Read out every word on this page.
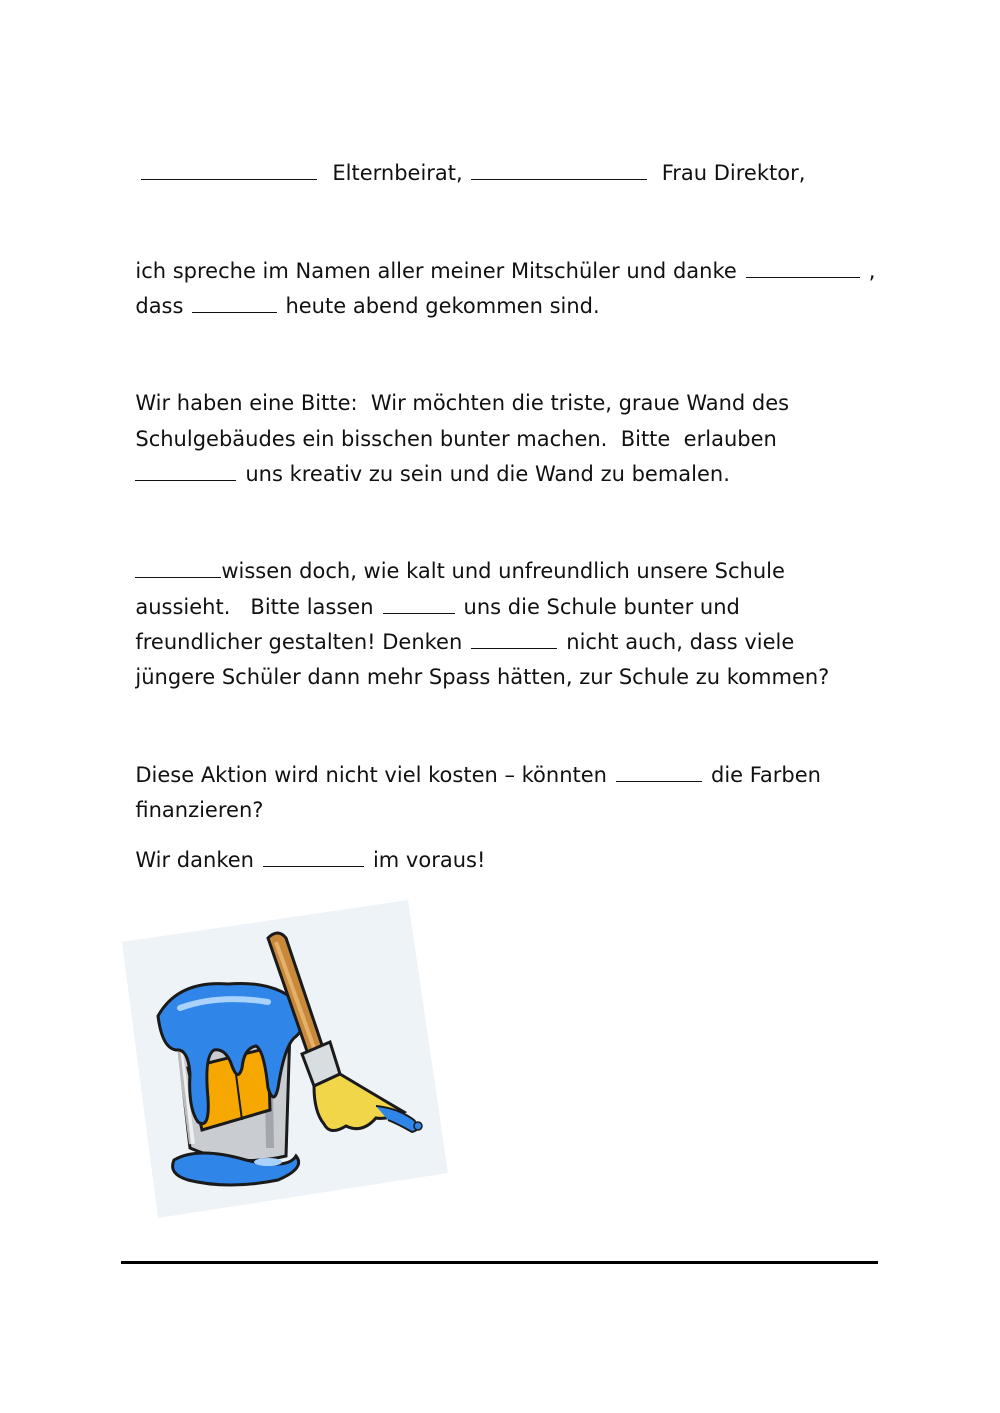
Elternbeirat,	Frau Direktor,

ich spreche im Namen aller meiner Mitschüler und danke	,

dass	heute abend gekommen sind.

Wir haben eine Bitte:  Wir möchten die triste, graue Wand des

Schulgebäudes ein bisschen bunter machen.  Bitte  erlauben

uns kreativ zu sein und die Wand zu bemalen.

wissen doch, wie kalt und unfreundlich unsere Schule

aussieht.   Bitte lassen	uns die Schule bunter und

freundlicher gestalten! Denken	nicht auch, dass viele

jüngere Schüler dann mehr Spass hätten, zur Schule zu kommen?

Diese Aktion wird nicht viel kosten – könnten	die Farben

finanzieren?

Wir danken	im voraus!
